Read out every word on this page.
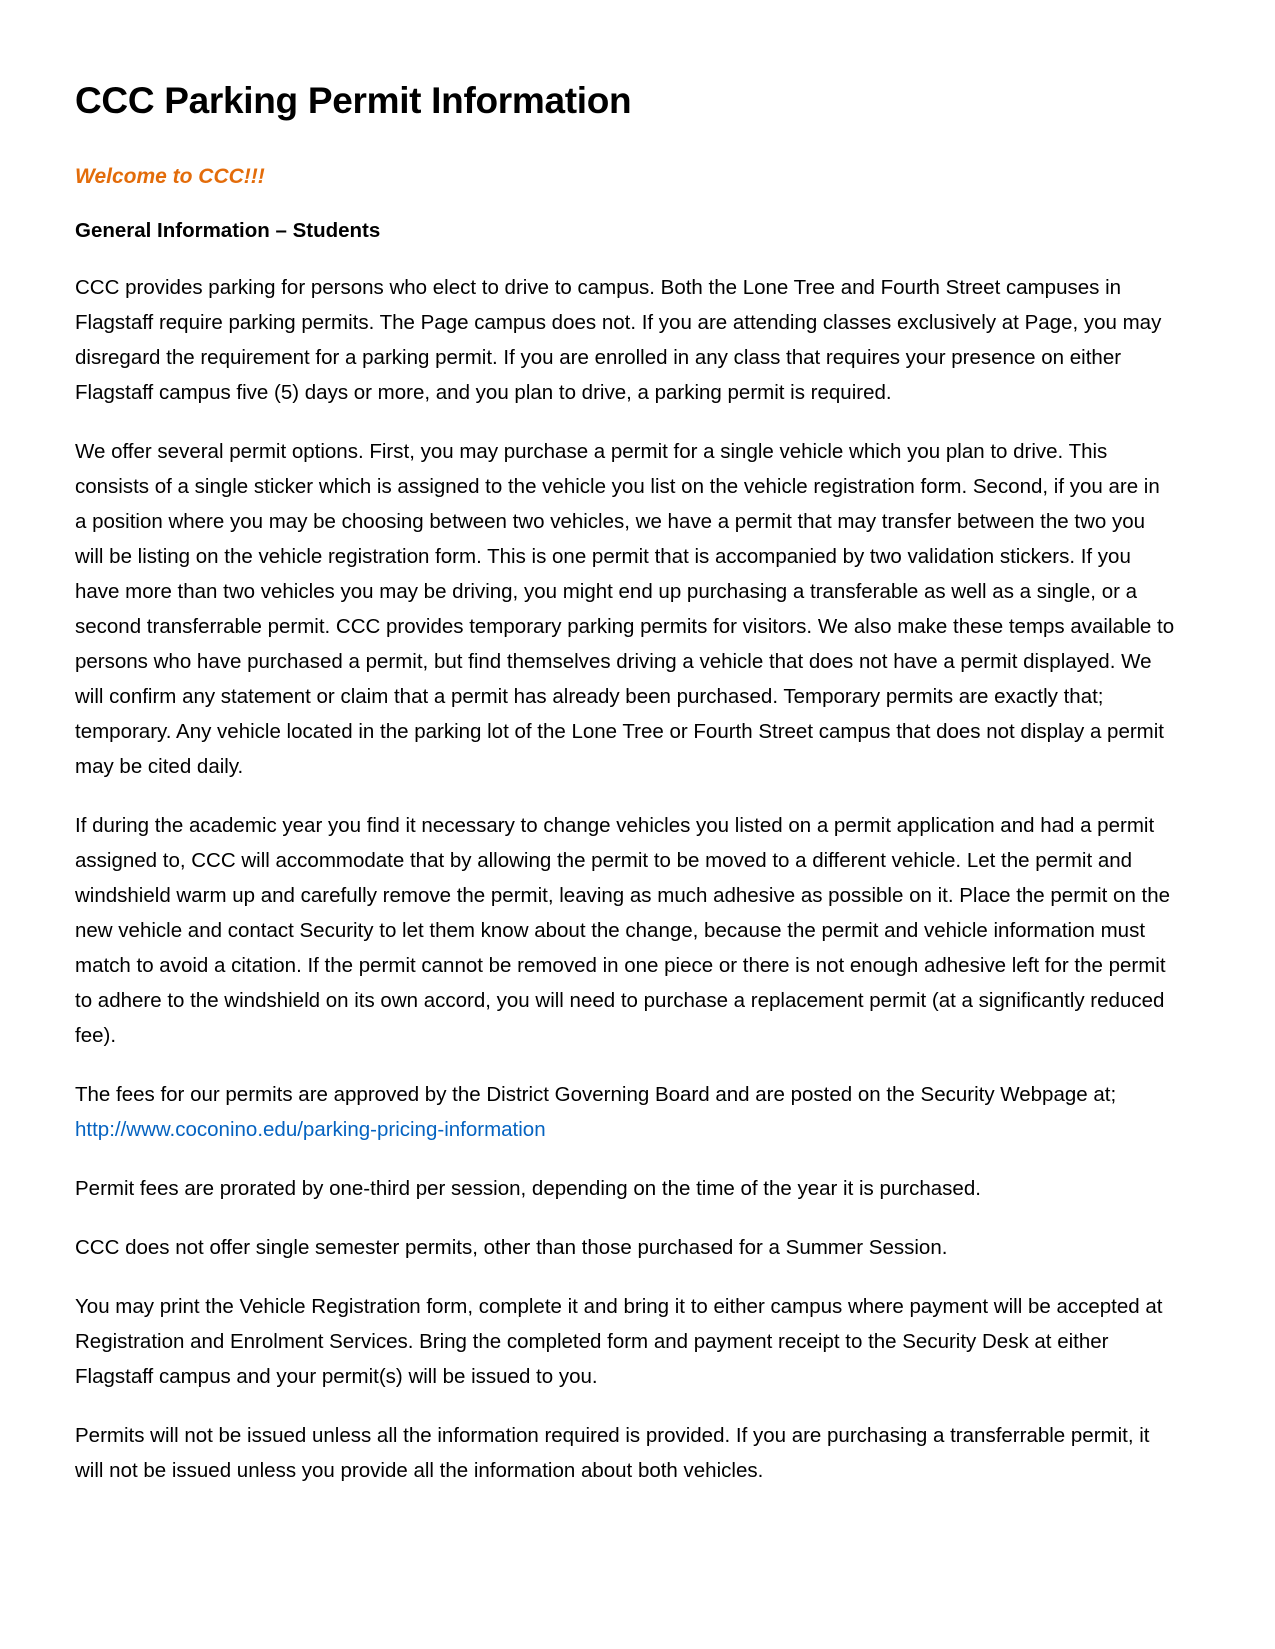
CCC Parking Permit Information

Welcome to CCC!!!

General Information – Students

CCC provides parking for persons who elect to drive to campus. Both the Lone Tree and Fourth Street campuses in Flagstaff require parking permits. The Page campus does not. If you are attending classes exclusively at Page, you may disregard the requirement for a parking permit. If you are enrolled in any class that requires your presence on either Flagstaff campus five (5) days or more, and you plan to drive, a parking permit is required.

We offer several permit options. First, you may purchase a permit for a single vehicle which you plan to drive. This consists of a single sticker which is assigned to the vehicle you list on the vehicle registration form. Second, if you are in a position where you may be choosing between two vehicles, we have a permit that may transfer between the two you will be listing on the vehicle registration form. This is one permit that is accompanied by two validation stickers. If you have more than two vehicles you may be driving, you might end up purchasing a transferable as well as a single, or a second transferrable permit. CCC provides temporary parking permits for visitors. We also make these temps available to persons who have purchased a permit, but find themselves driving a vehicle that does not have a permit displayed. We will confirm any statement or claim that a permit has already been purchased. Temporary permits are exactly that; temporary. Any vehicle located in the parking lot of the Lone Tree or Fourth Street campus that does not display a permit may be cited daily.

If during the academic year you find it necessary to change vehicles you listed on a permit application and had a permit assigned to, CCC will accommodate that by allowing the permit to be moved to a different vehicle. Let the permit and windshield warm up and carefully remove the permit, leaving as much adhesive as possible on it. Place the permit on the new vehicle and contact Security to let them know about the change, because the permit and vehicle information must match to avoid a citation. If the permit cannot be removed in one piece or there is not enough adhesive left for the permit to adhere to the windshield on its own accord, you will need to purchase a replacement permit (at a significantly reduced fee).

The fees for our permits are approved by the District Governing Board and are posted on the Security Webpage at; http://www.coconino.edu/parking-pricing-information

Permit fees are prorated by one-third per session, depending on the time of the year it is purchased.

CCC does not offer single semester permits, other than those purchased for a Summer Session.

You may print the Vehicle Registration form, complete it and bring it to either campus where payment will be accepted at Registration and Enrolment Services. Bring the completed form and payment receipt to the Security Desk at either Flagstaff campus and your permit(s) will be issued to you.

Permits will not be issued unless all the information required is provided. If you are purchasing a transferrable permit, it will not be issued unless you provide all the information about both vehicles.
